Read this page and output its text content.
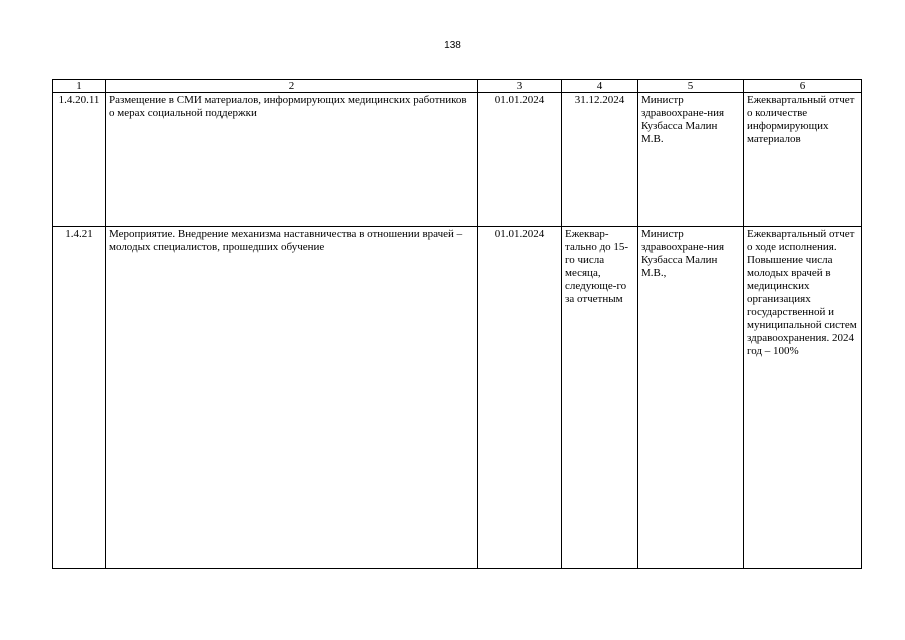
138
1	2	3	4	5	6
1.4.20.11	Размещение в СМИ материалов, информирующих медицинских работников о мерах социальной поддержки	01.01.2024	31.12.2024	Министр здравоохране-ния Кузбасса Малин М.В.	Ежеквартальный отчет о количестве информирующих материалов
1.4.21	Мероприятие. Внедрение механизма наставничества в отношении врачей – молодых специалистов, прошедших обучение	01.01.2024	Ежеквар-тально до 15-го числа месяца, следующе-го за отчетным	Министр здравоохране-ния Кузбасса Малин М.В.,	Ежеквартальный отчет о ходе исполнения. Повышение числа молодых врачей в медицинских организациях государственной и муниципальной систем здравоохранения. 2024 год – 100%
